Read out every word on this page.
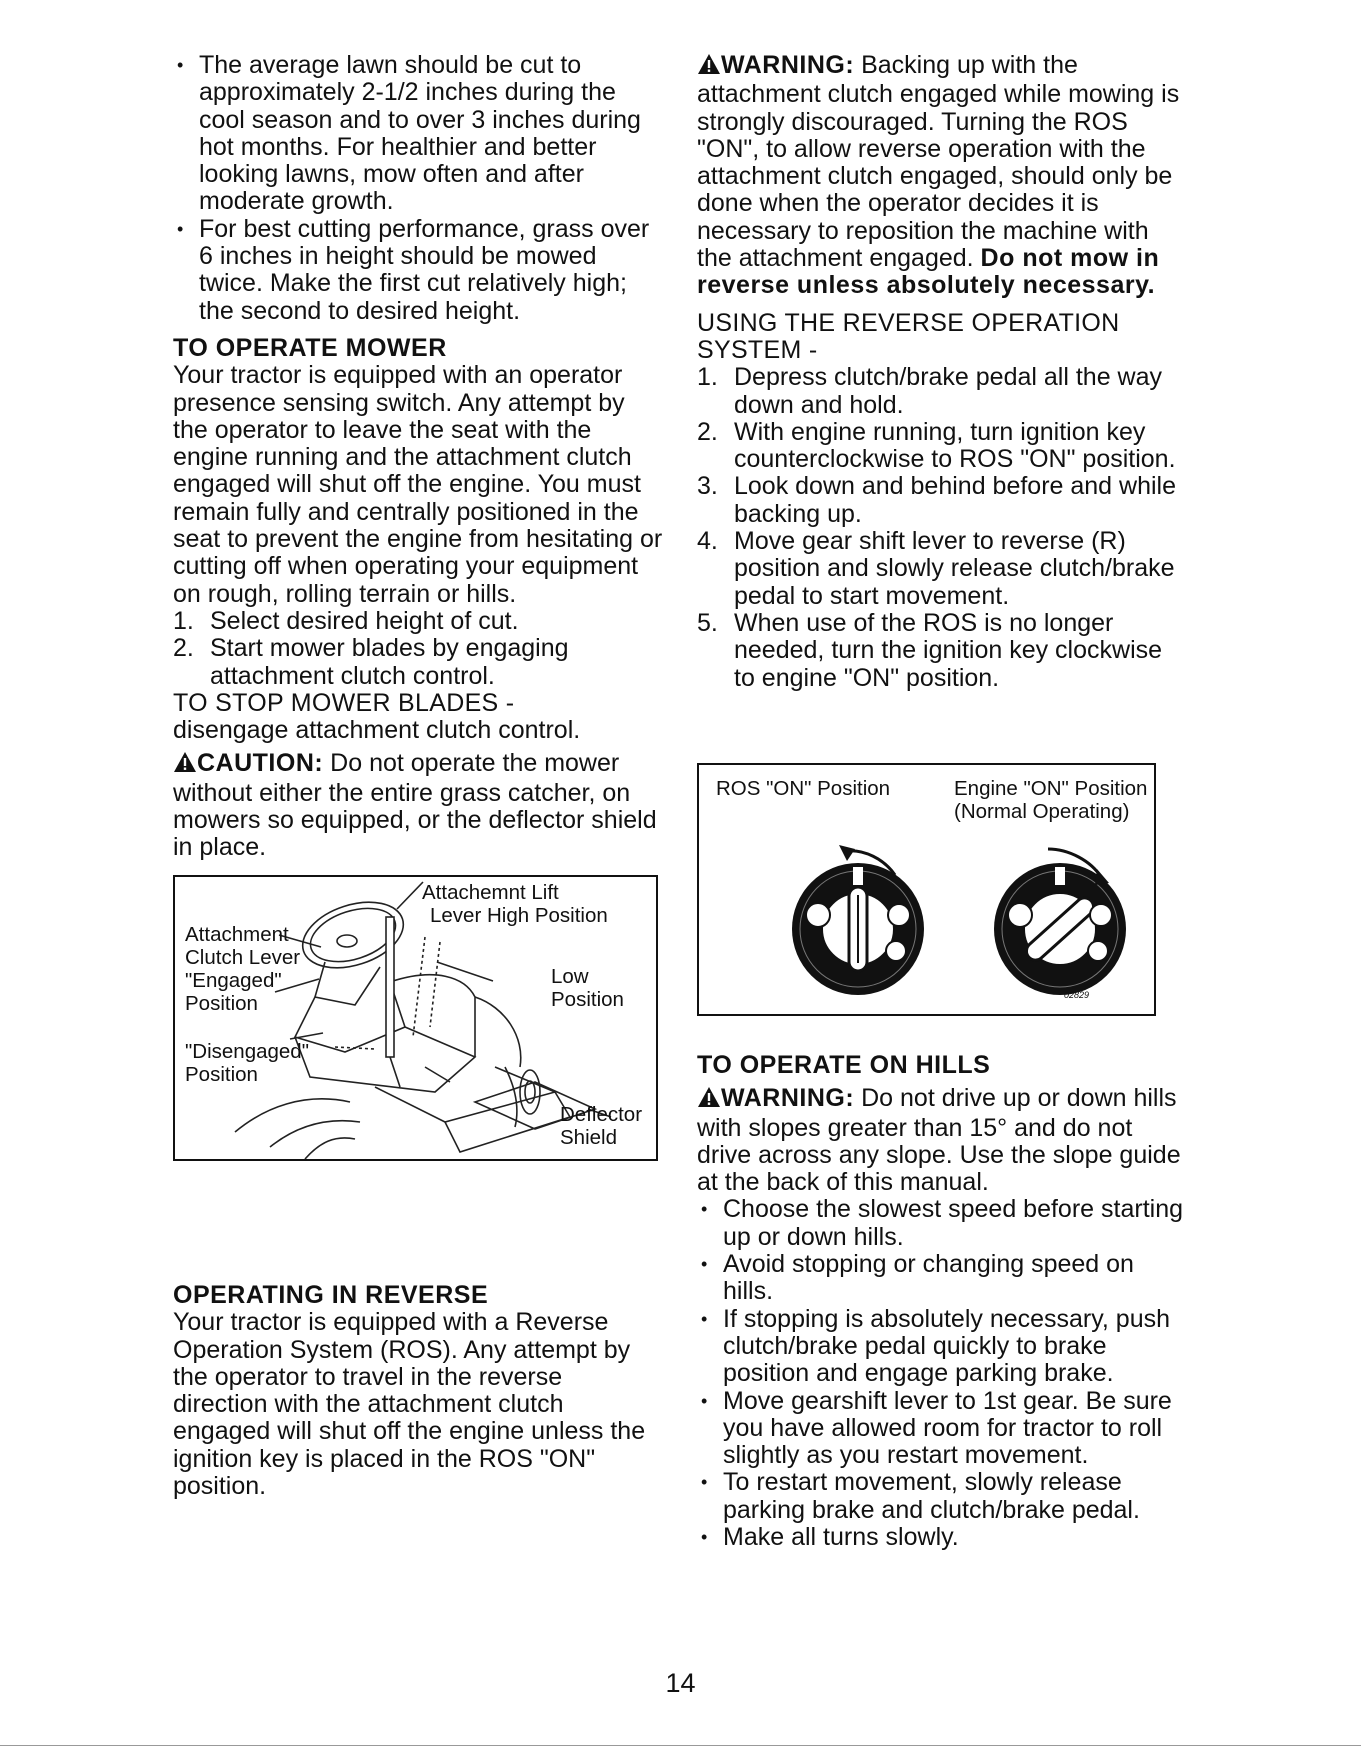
• The average lawn should be cut to approximately 2-1/2 inches during the cool season and to over 3 inches during hot months. For healthier and better looking lawns, mow often and after moderate growth.
• For best cutting performance, grass over 6 inches in height should be mowed twice. Make the first cut relatively high; the second to desired height.

TO OPERATE MOWER

Your tractor is equipped with an operator presence sensing switch. Any attempt by the operator to leave the seat with the engine running and the attachment clutch engaged will shut off the engine. You must remain fully and centrally positioned in the seat to prevent the engine from hesitating or cutting off when operating your equipment on rough, rolling terrain or hills.

1. Select desired height of cut.
2. Start mower blades by engaging attachment clutch control.

TO STOP MOWER BLADES -

disengage attachment clutch control.

CAUTION: Do not operate the mower without either the entire grass catcher, on mowers so equipped, or the deflector shield in place.

Attachemnt Lift
Lever High Position
Attachment
Clutch Lever
"Engaged"
Position
Low
Position
"Disengaged"
Position
Deflector
Shield

OPERATING IN REVERSE

Your tractor is equipped with a Reverse Operation System (ROS). Any attempt by the operator to travel in the reverse direction with the attachment clutch engaged will shut off the engine unless the ignition key is placed in the ROS "ON" position.

WARNING: Backing up with the attachment clutch engaged while mowing is strongly discouraged. Turning the ROS "ON", to allow reverse operation with the attachment clutch engaged, should only be done when the operator decides it is necessary to reposition the machine with the attachment engaged. Do not mow in reverse unless absolutely necessary.

USING THE REVERSE OPERATION SYSTEM -

1. Depress clutch/brake pedal all the way down and hold.
2. With engine running, turn ignition key counterclockwise to ROS "ON" position.
3. Look down and behind before and while backing up.
4. Move gear shift lever to reverse (R) position and slowly release clutch/brake pedal to start movement.
5. When use of the ROS is no longer needed, turn the ignition key clockwise to engine "ON" position.
ROS "ON" Position	Engine "ON" Position
(Normal Operating)
02829

TO OPERATE ON HILLS

WARNING: Do not drive up or down hills with slopes greater than 15° and do not drive across any slope. Use the slope guide at the back of this manual.

• Choose the slowest speed before starting up or down hills.
• Avoid stopping or changing speed on hills.
• If stopping is absolutely necessary, push clutch/brake pedal quickly to brake position and engage parking brake.
• Move gearshift lever to 1st gear. Be sure you have allowed room for tractor to roll slightly as you restart movement.
• To restart movement, slowly release parking brake and clutch/brake pedal.
• Make all turns slowly.
14
